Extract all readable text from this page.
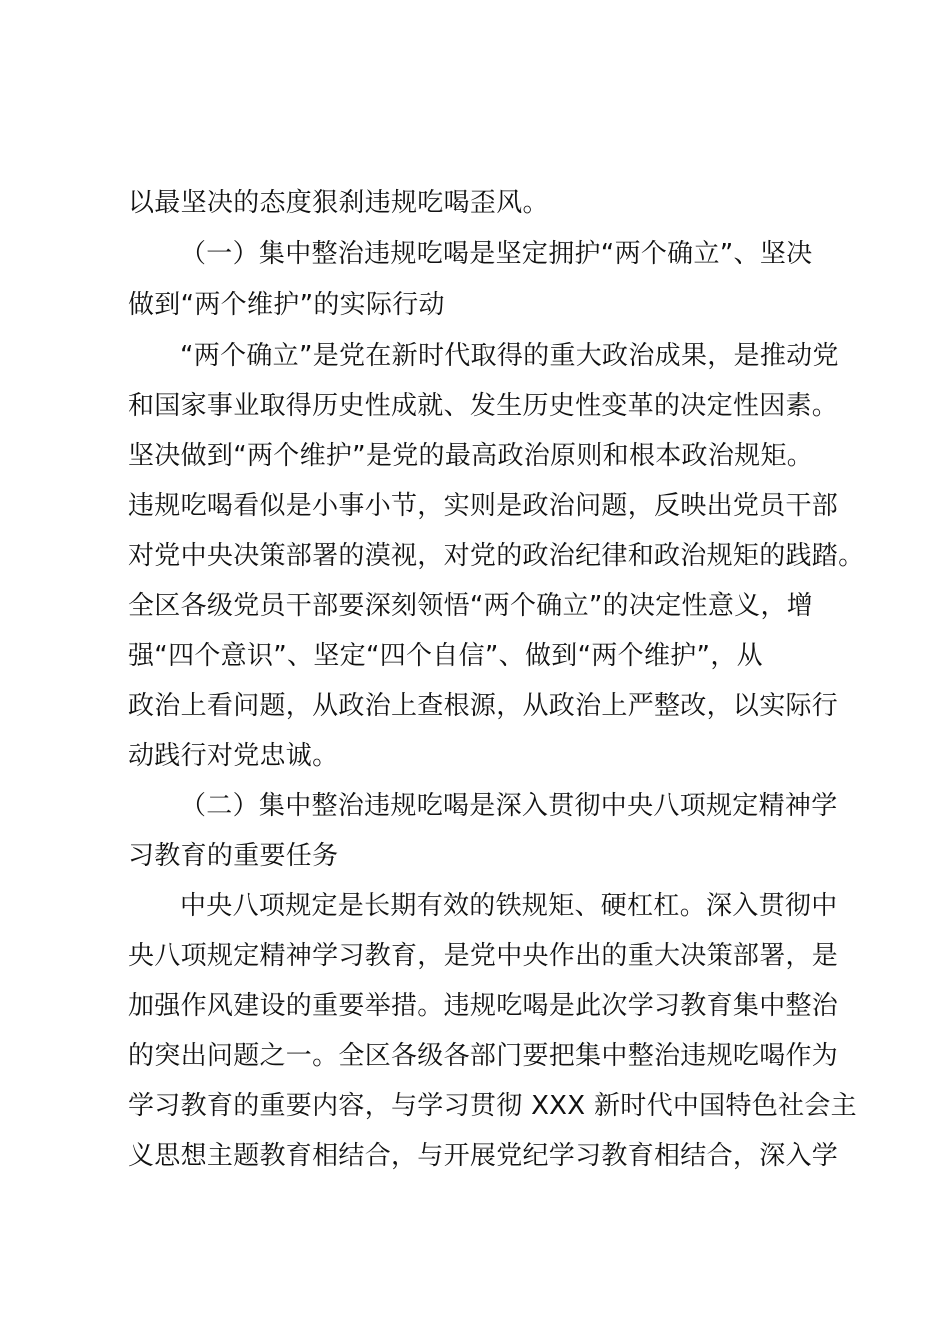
以最坚决的态度狠刹违规吃喝歪风。
（一）集中整治违规吃喝是坚定拥护“两个确立”、坚决
做到“两个维护”的实际行动
“两个确立”是党在新时代取得的重大政治成果，是推动党
和国家事业取得历史性成就、发生历史性变革的决定性因素。
坚决做到“两个维护”是党的最高政治原则和根本政治规矩。
违规吃喝看似是小事小节，实则是政治问题，反映出党员干部
对党中央决策部署的漠视，对党的政治纪律和政治规矩的践踏。
全区各级党员干部要深刻领悟“两个确立”的决定性意义，增
强“四个意识”、坚定“四个自信”、做到“两个维护”，从
政治上看问题，从政治上查根源，从政治上严整改，以实际行
动践行对党忠诚。
（二）集中整治违规吃喝是深入贯彻中央八项规定精神学
习教育的重要任务
中央八项规定是长期有效的铁规矩、硬杠杠。深入贯彻中
央八项规定精神学习教育，是党中央作出的重大决策部署，是
加强作风建设的重要举措。违规吃喝是此次学习教育集中整治
的突出问题之一。全区各级各部门要把集中整治违规吃喝作为
学习教育的重要内容，与学习贯彻 XXX 新时代中国特色社会主
义思想主题教育相结合，与开展党纪学习教育相结合，深入学
